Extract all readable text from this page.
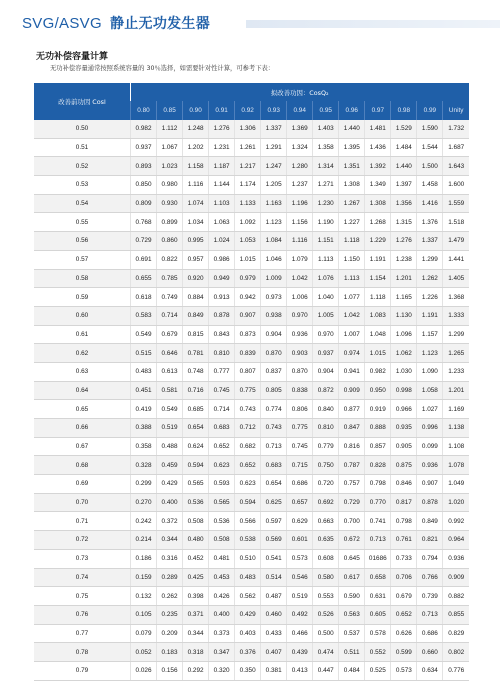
SVG/ASVG 静止无功发生器
无功补偿容量计算
无功补偿容量通常按照系统容量的 30％选择，如需要针对性计算，可参考下表：
改善前功因 Cosl	拟改善功因：CosQ₂												
	0.80	0.85	0.90	0.91	0.92	0.93	0.94	0.95	0.96	0.97	0.98	0.99	Unity
0.50	0.982	1.112	1.248	1.276	1.306	1.337	1.369	1.403	1.440	1.481	1.529	1.590	1.732
0.51	0.937	1.067	1.202	1.231	1.261	1.291	1.324	1.358	1.395	1.436	1.484	1.544	1.687
0.52	0.893	1.023	1.158	1.187	1.217	1.247	1.280	1.314	1.351	1.392	1.440	1.500	1.643
0.53	0.850	0.980	1.116	1.144	1.174	1.205	1.237	1.271	1.308	1.349	1.397	1.458	1.600
0.54	0.809	0.930	1.074	1.103	1.133	1.163	1.196	1.230	1.267	1.308	1.356	1.416	1.559
0.55	0.768	0.899	1.034	1.063	1.092	1.123	1.156	1.190	1.227	1.268	1.315	1.376	1.518
0.56	0.729	0.860	0.995	1.024	1.053	1.084	1.116	1.151	1.118	1.229	1.276	1.337	1.479
0.57	0.691	0.822	0.957	0.986	1.015	1.046	1.079	1.113	1.150	1.191	1.238	1.299	1.441
0.58	0.655	0.785	0.920	0.949	0.979	1.009	1.042	1.076	1.113	1.154	1.201	1.262	1.405
0.59	0.618	0.749	0.884	0.913	0.942	0.973	1.006	1.040	1.077	1.118	1.165	1.226	1.368
0.60	0.583	0.714	0.849	0.878	0.907	0.938	0.970	1.005	1.042	1.083	1.130	1.191	1.333
0.61	0.549	0.679	0.815	0.843	0.873	0.904	0.936	0.970	1.007	1.048	1.096	1.157	1.299
0.62	0.515	0.646	0.781	0.810	0.839	0.870	0.903	0.937	0.974	1.015	1.062	1.123	1.265
0.63	0.483	0.613	0.748	0.777	0.807	0.837	0.870	0.904	0.941	0.982	1.030	1.090	1.233
0.64	0.451	0.581	0.716	0.745	0.775	0.805	0.838	0.872	0.909	0.950	0.998	1.058	1.201
0.65	0.419	0.549	0.685	0.714	0.743	0.774	0.806	0.840	0.877	0.919	0.966	1.027	1.169
0.66	0.388	0.519	0.654	0.683	0.712	0.743	0.775	0.810	0.847	0.888	0.935	0.996	1.138
0.67	0.358	0.488	0.624	0.652	0.682	0.713	0.745	0.779	0.816	0.857	0.905	0.099	1.108
0.68	0.328	0.459	0.594	0.623	0.652	0.683	0.715	0.750	0.787	0.828	0.875	0.936	1.078
0.69	0.299	0.429	0.565	0.593	0.623	0.654	0.686	0.720	0.757	0.798	0.846	0.907	1.049
0.70	0.270	0.400	0.536	0.565	0.594	0.625	0.657	0.692	0.729	0.770	0.817	0.878	1.020
0.71	0.242	0.372	0.508	0.536	0.566	0.597	0.629	0.663	0.700	0.741	0.798	0.849	0.992
0.72	0.214	0.344	0.480	0.508	0.538	0.569	0.601	0.635	0.672	0.713	0.761	0.821	0.964
0.73	0.186	0.316	0.452	0.481	0.510	0.541	0.573	0.608	0.645	01686	0.733	0.794	0.936
0.74	0.159	0.289	0.425	0.453	0.483	0.514	0.546	0.580	0.617	0.658	0.706	0.766	0.909
0.75	0.132	0.262	0.398	0.426	0.562	0.487	0.519	0.553	0.590	0.631	0.679	0.739	0.882
0.76	0.105	0.235	0.371	0.400	0.429	0.460	0.492	0.526	0.563	0.605	0.652	0.713	0.855
0.77	0.079	0.209	0.344	0.373	0.403	0.433	0.466	0.500	0.537	0.578	0.626	0.686	0.829
0.78	0.052	0.183	0.318	0.347	0.376	0.407	0.439	0.474	0.511	0.552	0.599	0.660	0.802
0.79	0.026	0.156	0.292	0.320	0.350	0.381	0.413	0.447	0.484	0.525	0.573	0.634	0.776
